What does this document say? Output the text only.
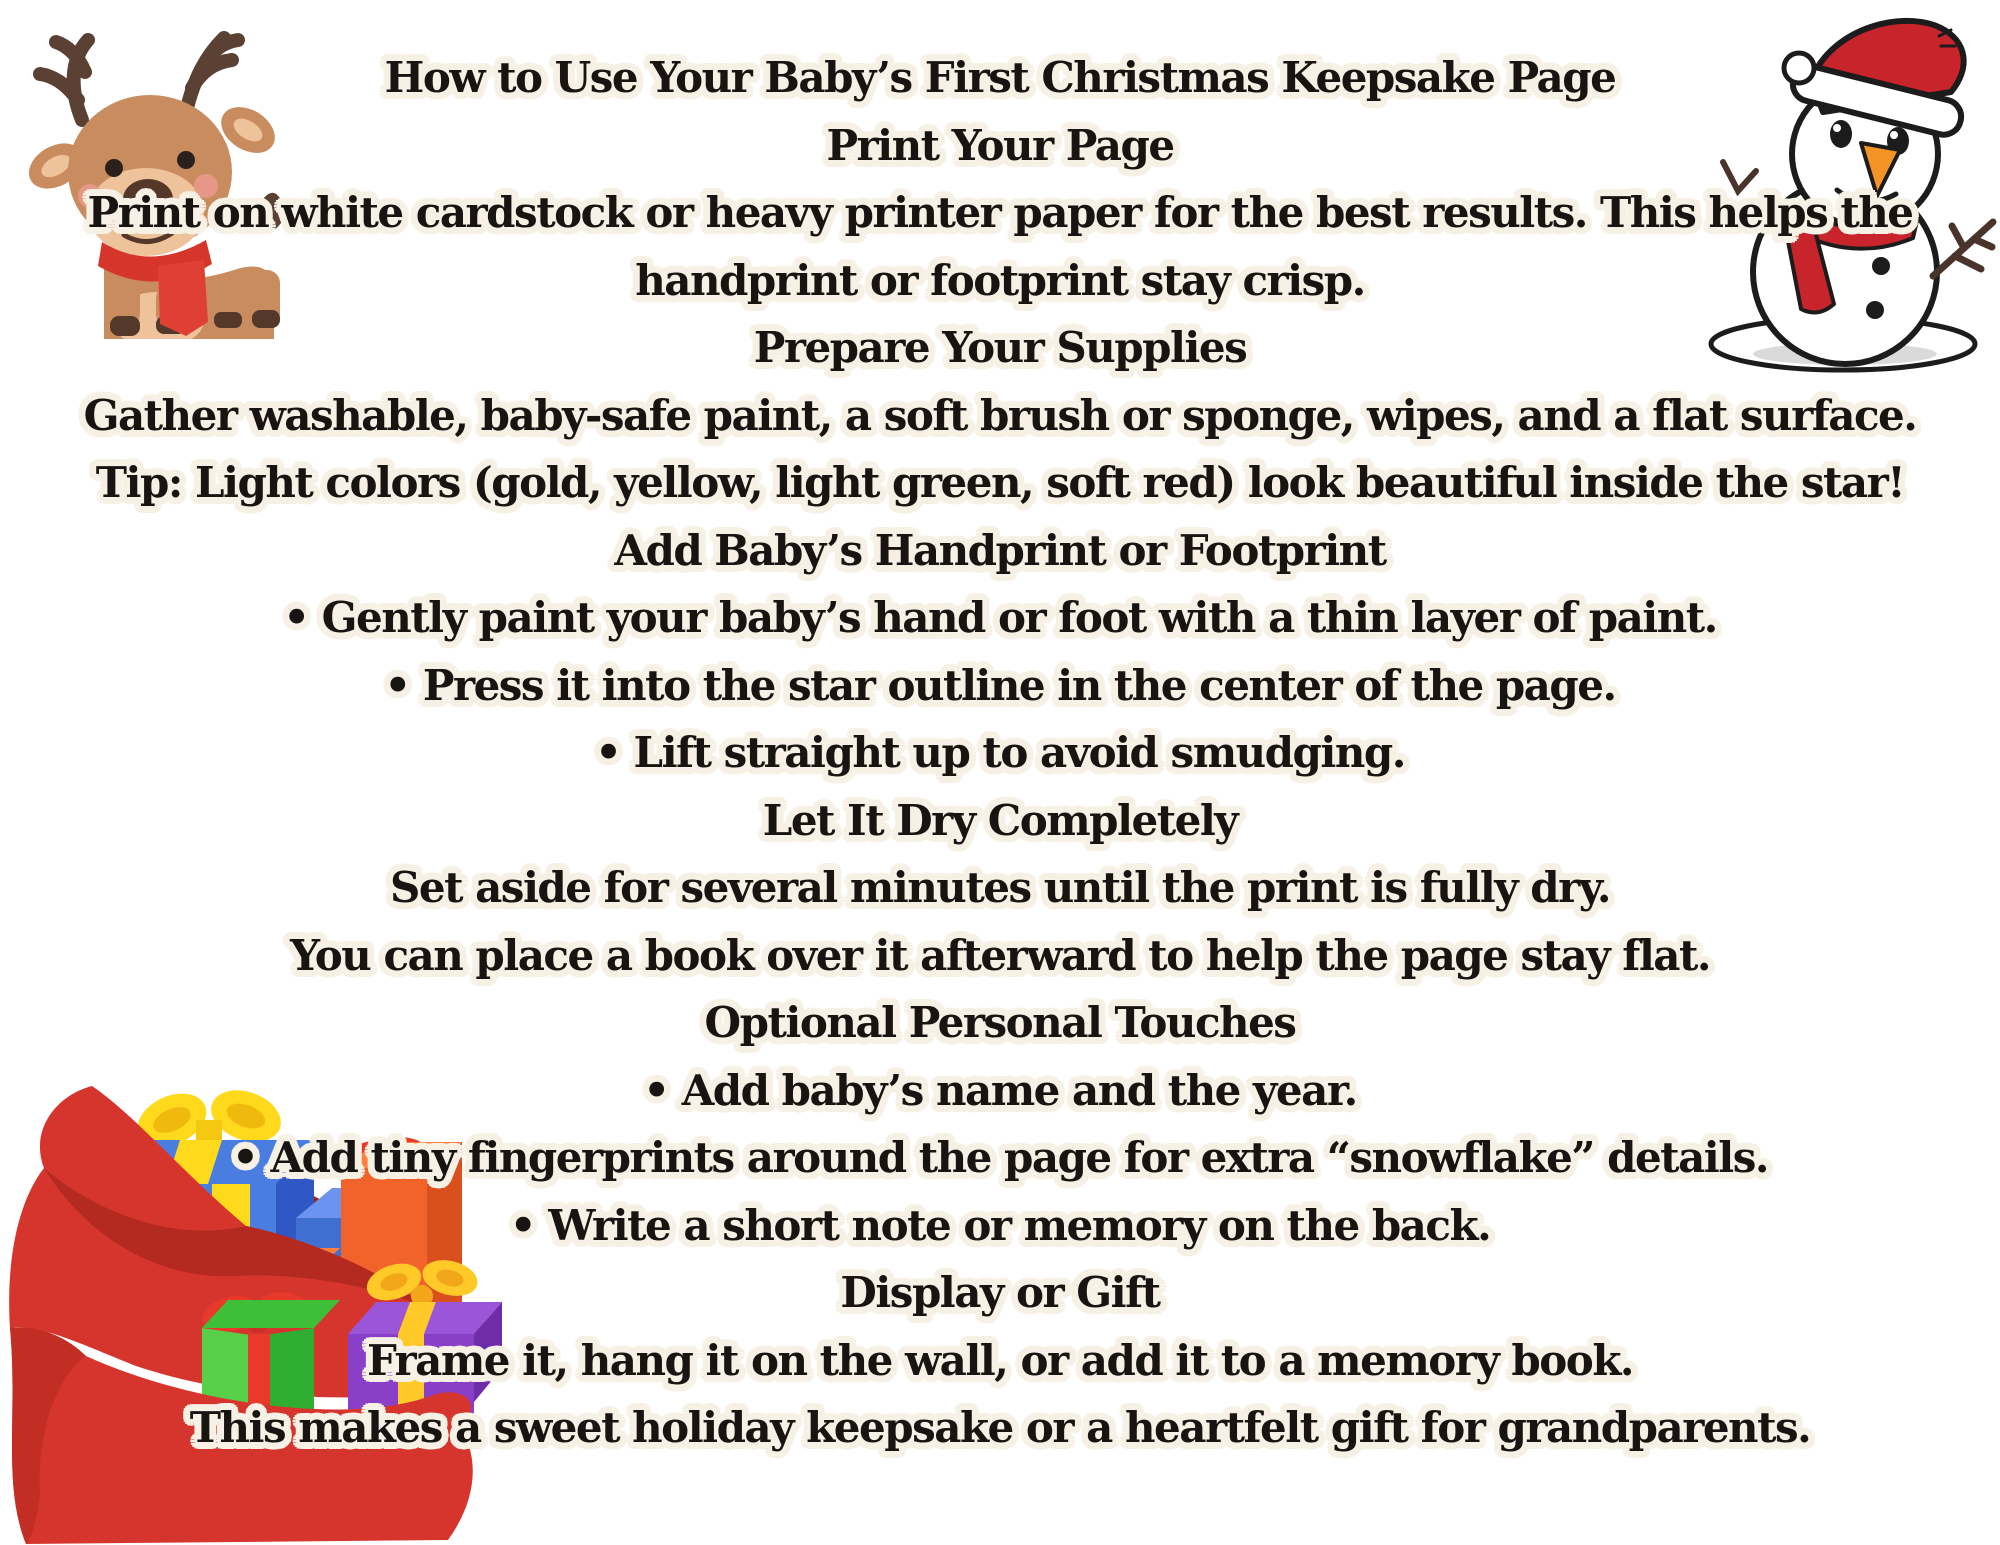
How to Use Your Baby’s First Christmas Keepsake Page
Print Your Page
Print on white cardstock or heavy printer paper for the best results. This helps the
handprint or footprint stay crisp.
Prepare Your Supplies
Gather washable, baby-safe paint, a soft brush or sponge, wipes, and a flat surface.
Tip: Light colors (gold, yellow, light green, soft red) look beautiful inside the star!
Add Baby’s Handprint or Footprint
• Gently paint your baby’s hand or foot with a thin layer of paint.
• Press it into the star outline in the center of the page.
• Lift straight up to avoid smudging.
Let It Dry Completely
Set aside for several minutes until the print is fully dry.
You can place a book over it afterward to help the page stay flat.
Optional Personal Touches
• Add baby’s name and the year.
• Add tiny fingerprints around the page for extra “snowflake” details.
• Write a short note or memory on the back.
Display or Gift
Frame it, hang it on the wall, or add it to a memory book.
This makes a sweet holiday keepsake or a heartfelt gift for grandparents.
